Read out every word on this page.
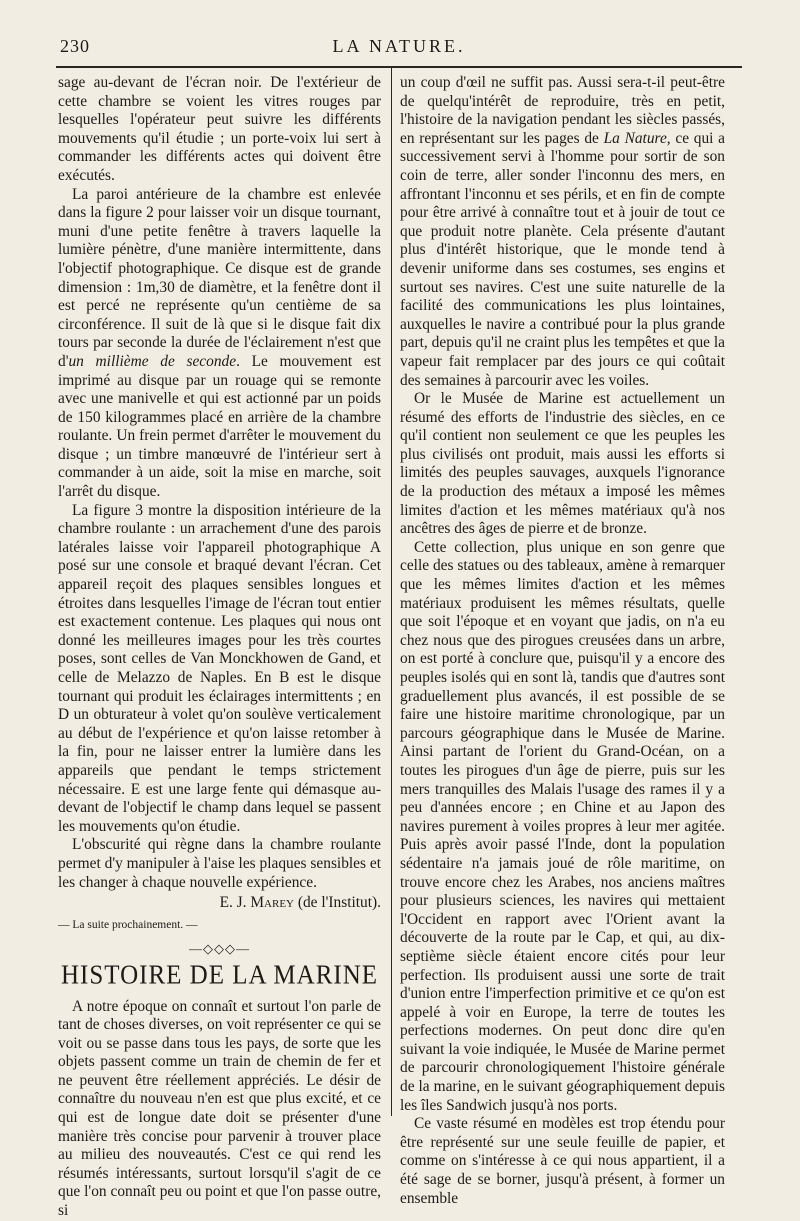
230	LA NATURE.

sage au-devant de l'écran noir. De l'extérieur de cette chambre se voient les vitres rouges par lesquelles l'opérateur peut suivre les différents mouvements qu'il étudie ; un porte-voix lui sert à commander les différents actes qui doivent être exécutés.

La paroi antérieure de la chambre est enlevée dans la figure 2 pour laisser voir un disque tournant, muni d'une petite fenêtre à travers laquelle la lumière pénètre, d'une manière intermittente, dans l'objectif photographique. Ce disque est de grande dimension : 1m,30 de diamètre, et la fenêtre dont il est percé ne représente qu'un centième de sa circonférence. Il suit de là que si le disque fait dix tours par seconde la durée de l'éclairement n'est que d'un millième de seconde. Le mouvement est imprimé au disque par un rouage qui se remonte avec une manivelle et qui est actionné par un poids de 150 kilogrammes placé en arrière de la chambre roulante. Un frein permet d'arrêter le mouvement du disque ; un timbre manœuvré de l'intérieur sert à commander à un aide, soit la mise en marche, soit l'arrêt du disque.

La figure 3 montre la disposition intérieure de la chambre roulante : un arrachement d'une des parois latérales laisse voir l'appareil photographique A posé sur une console et braqué devant l'écran. Cet appareil reçoit des plaques sensibles longues et étroites dans lesquelles l'image de l'écran tout entier est exactement contenue. Les plaques qui nous ont donné les meilleures images pour les très courtes poses, sont celles de Van Monckhowen de Gand, et celle de Melazzo de Naples. En B est le disque tournant qui produit les éclairages intermittents ; en D un obturateur à volet qu'on soulève verticalement au début de l'expérience et qu'on laisse retomber à la fin, pour ne laisser entrer la lumière dans les appareils que pendant le temps strictement nécessaire. E est une large fente qui démasque au-devant de l'objectif le champ dans lequel se passent les mouvements qu'on étudie.

L'obscurité qui règne dans la chambre roulante permet d'y manipuler à l'aise les plaques sensibles et les changer à chaque nouvelle expérience.

E. J. Marey (de l'Institut).
— La suite prochainement. —
—◇◇◇—
HISTOIRE DE LA MARINE

A notre époque on connaît et surtout l'on parle de tant de choses diverses, on voit représenter ce qui se voit ou se passe dans tous les pays, de sorte que les objets passent comme un train de chemin de fer et ne peuvent être réellement appréciés. Le désir de connaître du nouveau n'en est que plus excité, et ce qui est de longue date doit se présenter d'une manière très concise pour parvenir à trouver place au milieu des nouveautés. C'est ce qui rend les résumés intéressants, surtout lorsqu'il s'agit de ce que l'on connaît peu ou point et que l'on passe outre, si

un coup d'œil ne suffit pas. Aussi sera-t-il peut-être de quelqu'intérêt de reproduire, très en petit, l'histoire de la navigation pendant les siècles passés, en représentant sur les pages de La Nature, ce qui a successivement servi à l'homme pour sortir de son coin de terre, aller sonder l'inconnu des mers, en affrontant l'inconnu et ses périls, et en fin de compte pour être arrivé à connaître tout et à jouir de tout ce que produit notre planète. Cela présente d'autant plus d'intérêt historique, que le monde tend à devenir uniforme dans ses costumes, ses engins et surtout ses navires. C'est une suite naturelle de la facilité des communications les plus lointaines, auxquelles le navire a contribué pour la plus grande part, depuis qu'il ne craint plus les tempêtes et que la vapeur fait remplacer par des jours ce qui coûtait des semaines à parcourir avec les voiles.

Or le Musée de Marine est actuellement un résumé des efforts de l'industrie des siècles, en ce qu'il contient non seulement ce que les peuples les plus civilisés ont produit, mais aussi les efforts si limités des peuples sauvages, auxquels l'ignorance de la production des métaux a imposé les mêmes limites d'action et les mêmes matériaux qu'à nos ancêtres des âges de pierre et de bronze.

Cette collection, plus unique en son genre que celle des statues ou des tableaux, amène à remarquer que les mêmes limites d'action et les mêmes matériaux produisent les mêmes résultats, quelle que soit l'époque et en voyant que jadis, on n'a eu chez nous que des pirogues creusées dans un arbre, on est porté à conclure que, puisqu'il y a encore des peuples isolés qui en sont là, tandis que d'autres sont graduellement plus avancés, il est possible de se faire une histoire maritime chronologique, par un parcours géographique dans le Musée de Marine. Ainsi partant de l'orient du Grand-Océan, on a toutes les pirogues d'un âge de pierre, puis sur les mers tranquilles des Malais l'usage des rames il y a peu d'années encore ; en Chine et au Japon des navires purement à voiles propres à leur mer agitée. Puis après avoir passé l'Inde, dont la population sédentaire n'a jamais joué de rôle maritime, on trouve encore chez les Arabes, nos anciens maîtres pour plusieurs sciences, les navires qui mettaient l'Occident en rapport avec l'Orient avant la découverte de la route par le Cap, et qui, au dix-septième siècle étaient encore cités pour leur perfection. Ils produisent aussi une sorte de trait d'union entre l'imperfection primitive et ce qu'on est appelé à voir en Europe, la terre de toutes les perfections modernes. On peut donc dire qu'en suivant la voie indiquée, le Musée de Marine permet de parcourir chronologiquement l'histoire générale de la marine, en le suivant géographiquement depuis les îles Sandwich jusqu'à nos ports.

Ce vaste résumé en modèles est trop étendu pour être représenté sur une seule feuille de papier, et comme on s'intéresse à ce qui nous appartient, il a été sage de se borner, jusqu'à présent, à former un ensemble
